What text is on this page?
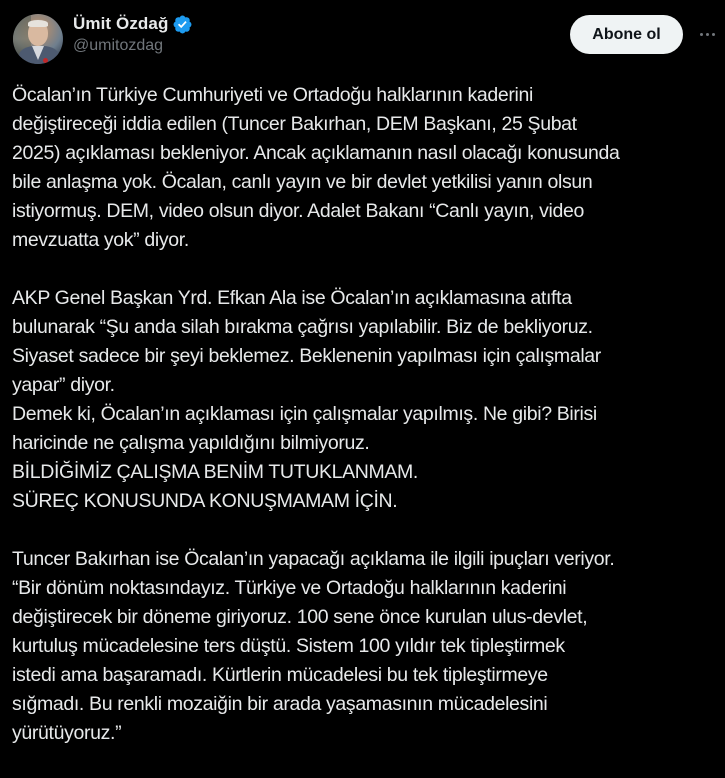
Ümit Özdağ
@umitozdag
Abone ol
Öcalan’ın Türkiye Cumhuriyeti ve Ortadoğu halklarının kaderini
değiştireceği iddia edilen (Tuncer Bakırhan, DEM Başkanı, 25 Şubat
2025) açıklaması bekleniyor. Ancak açıklamanın nasıl olacağı konusunda
bile anlaşma yok. Öcalan, canlı yayın ve bir devlet yetkilisi yanın olsun
istiyormuş. DEM, video olsun diyor. Adalet Bakanı “Canlı yayın, video
mevzuatta yok” diyor.
AKP Genel Başkan Yrd. Efkan Ala ise Öcalan’ın açıklamasına atıfta
bulunarak “Şu anda silah bırakma çağrısı yapılabilir. Biz de bekliyoruz.
Siyaset sadece bir şeyi beklemez. Beklenenin yapılması için çalışmalar
yapar” diyor.
Demek ki, Öcalan’ın açıklaması için çalışmalar yapılmış. Ne gibi? Birisi
haricinde ne çalışma yapıldığını bilmiyoruz.
BİLDİĞİMİZ ÇALIŞMA BENİM TUTUKLANMAM.
SÜREÇ KONUSUNDA KONUŞMAMAM İÇİN.
Tuncer Bakırhan ise Öcalan’ın yapacağı açıklama ile ilgili ipuçları veriyor.
“Bir dönüm noktasındayız. Türkiye ve Ortadoğu halklarının kaderini
değiştirecek bir döneme giriyoruz. 100 sene önce kurulan ulus-devlet,
kurtuluş mücadelesine ters düştü. Sistem 100 yıldır tek tipleştirmek
istedi ama başaramadı. Kürtlerin mücadelesi bu tek tipleştirmeye
sığmadı. Bu renkli mozaiğin bir arada yaşamasının mücadelesini
yürütüyoruz.”
